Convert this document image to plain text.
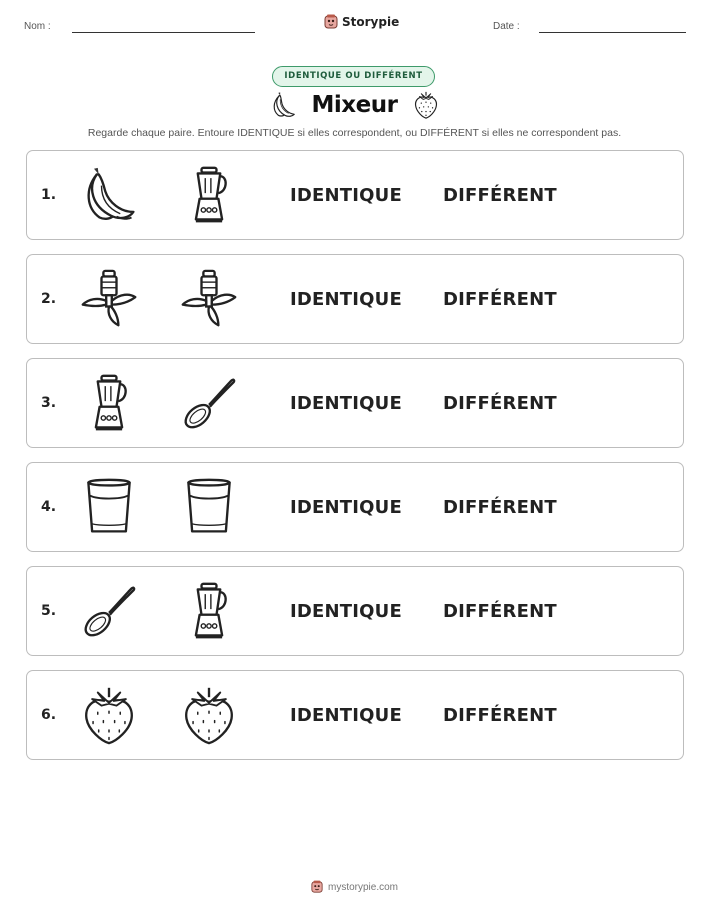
Nom :	Storypie	Date :
IDENTIQUE OU DIFFÉRENT
Mixeur
Regarde chaque paire. Entoure IDENTIQUE si elles correspondent, ou DIFFÉRENT si elles ne correspondent pas.
1.	IDENTIQUE DIFFÉRENT
2.	IDENTIQUE DIFFÉRENT
3.	IDENTIQUE DIFFÉRENT
4.	IDENTIQUE DIFFÉRENT
5.	IDENTIQUE DIFFÉRENT
6.	IDENTIQUE DIFFÉRENT
mystorypie.com
